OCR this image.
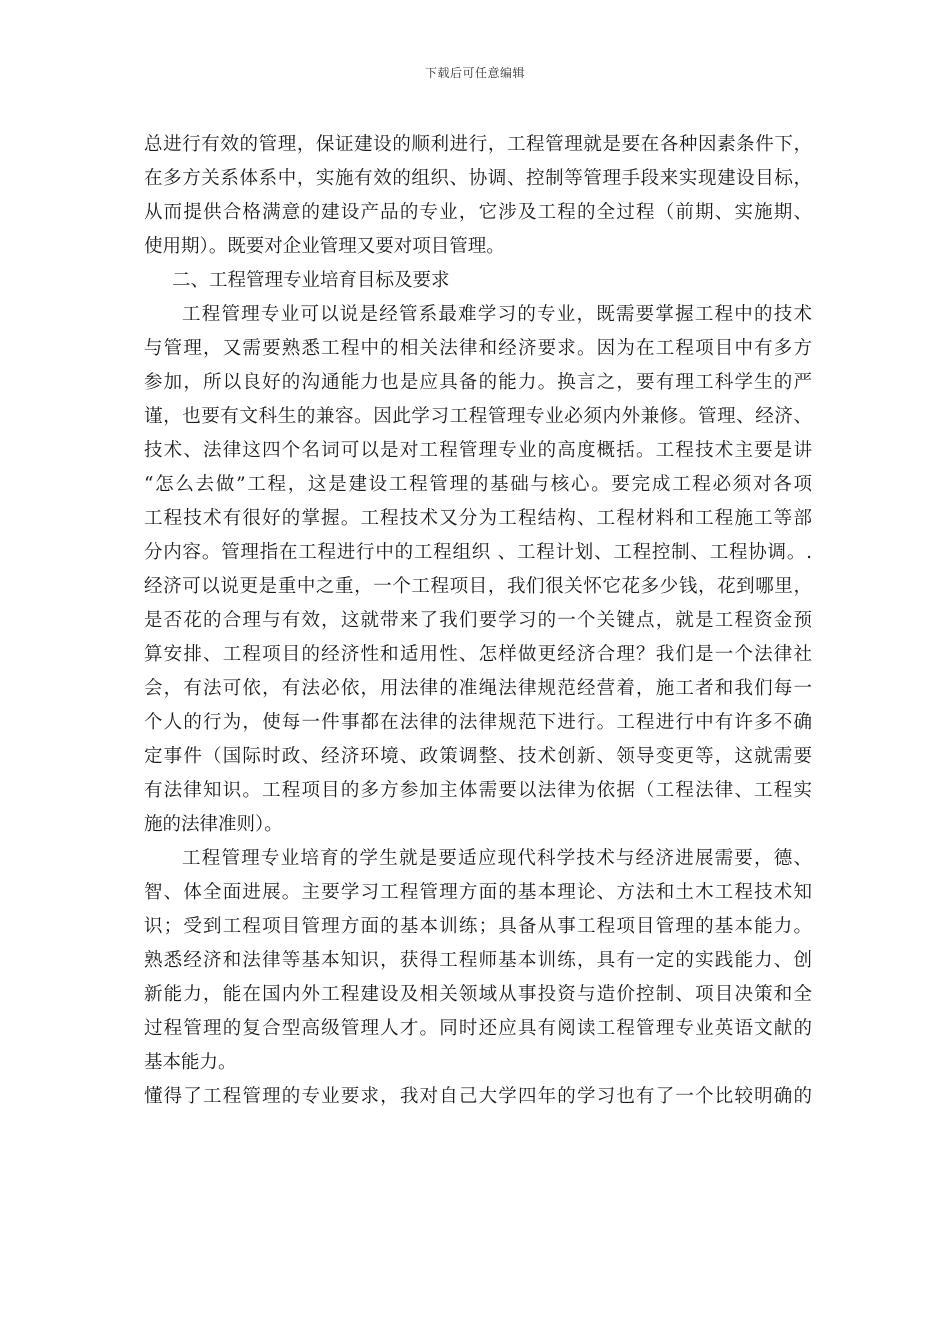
下载后可任意编辑
总进行有效的管理，保证建设的顺利进行，工程管理就是要在各种因素条件下，
在多方关系体系中，实施有效的组织、协调、控制等管理手段来实现建设目标，
从而提供合格满意的建设产品的专业，它涉及工程的全过程（前期、实施期、
使用期）。既要对企业管理又要对项目管理。
二、工程管理专业培育目标及要求
工程管理专业可以说是经管系最难学习的专业，既需要掌握工程中的技术
与管理，又需要熟悉工程中的相关法律和经济要求。因为在工程项目中有多方
参加，所以良好的沟通能力也是应具备的能力。换言之，要有理工科学生的严
谨，也要有文科生的兼容。因此学习工程管理专业必须内外兼修。管理、经济、
技术、法律这四个名词可以是对工程管理专业的高度概括。工程技术主要是讲
“怎么去做”工程，这是建设工程管理的基础与核心。要完成工程必须对各项
工程技术有很好的掌握。工程技术又分为工程结构、工程材料和工程施工等部
分内容。管理指在工程进行中的工程组织 、工程计划、工程控制、工程协调。.
经济可以说更是重中之重，一个工程项目，我们很关怀它花多少钱，花到哪里，
是否花的合理与有效，这就带来了我们要学习的一个关键点，就是工程资金预
算安排、工程项目的经济性和适用性、怎样做更经济合理？我们是一个法律社
会，有法可依，有法必依，用法律的准绳法律规范经营着，施工者和我们每一
个人的行为，使每一件事都在法律的法律规范下进行。工程进行中有许多不确
定事件（国际时政、经济环境、政策调整、技术创新、领导变更等，这就需要
有法律知识。工程项目的多方参加主体需要以法律为依据（工程法律、工程实
施的法律准则）。
工程管理专业培育的学生就是要适应现代科学技术与经济进展需要，德、
智、体全面进展。主要学习工程管理方面的基本理论、方法和土木工程技术知
识；受到工程项目管理方面的基本训练；具备从事工程项目管理的基本能力。
熟悉经济和法律等基本知识，获得工程师基本训练，具有一定的实践能力、创
新能力，能在国内外工程建设及相关领域从事投资与造价控制、项目决策和全
过程管理的复合型高级管理人才。同时还应具有阅读工程管理专业英语文献的
基本能力。
懂得了工程管理的专业要求，我对自己大学四年的学习也有了一个比较明确的
